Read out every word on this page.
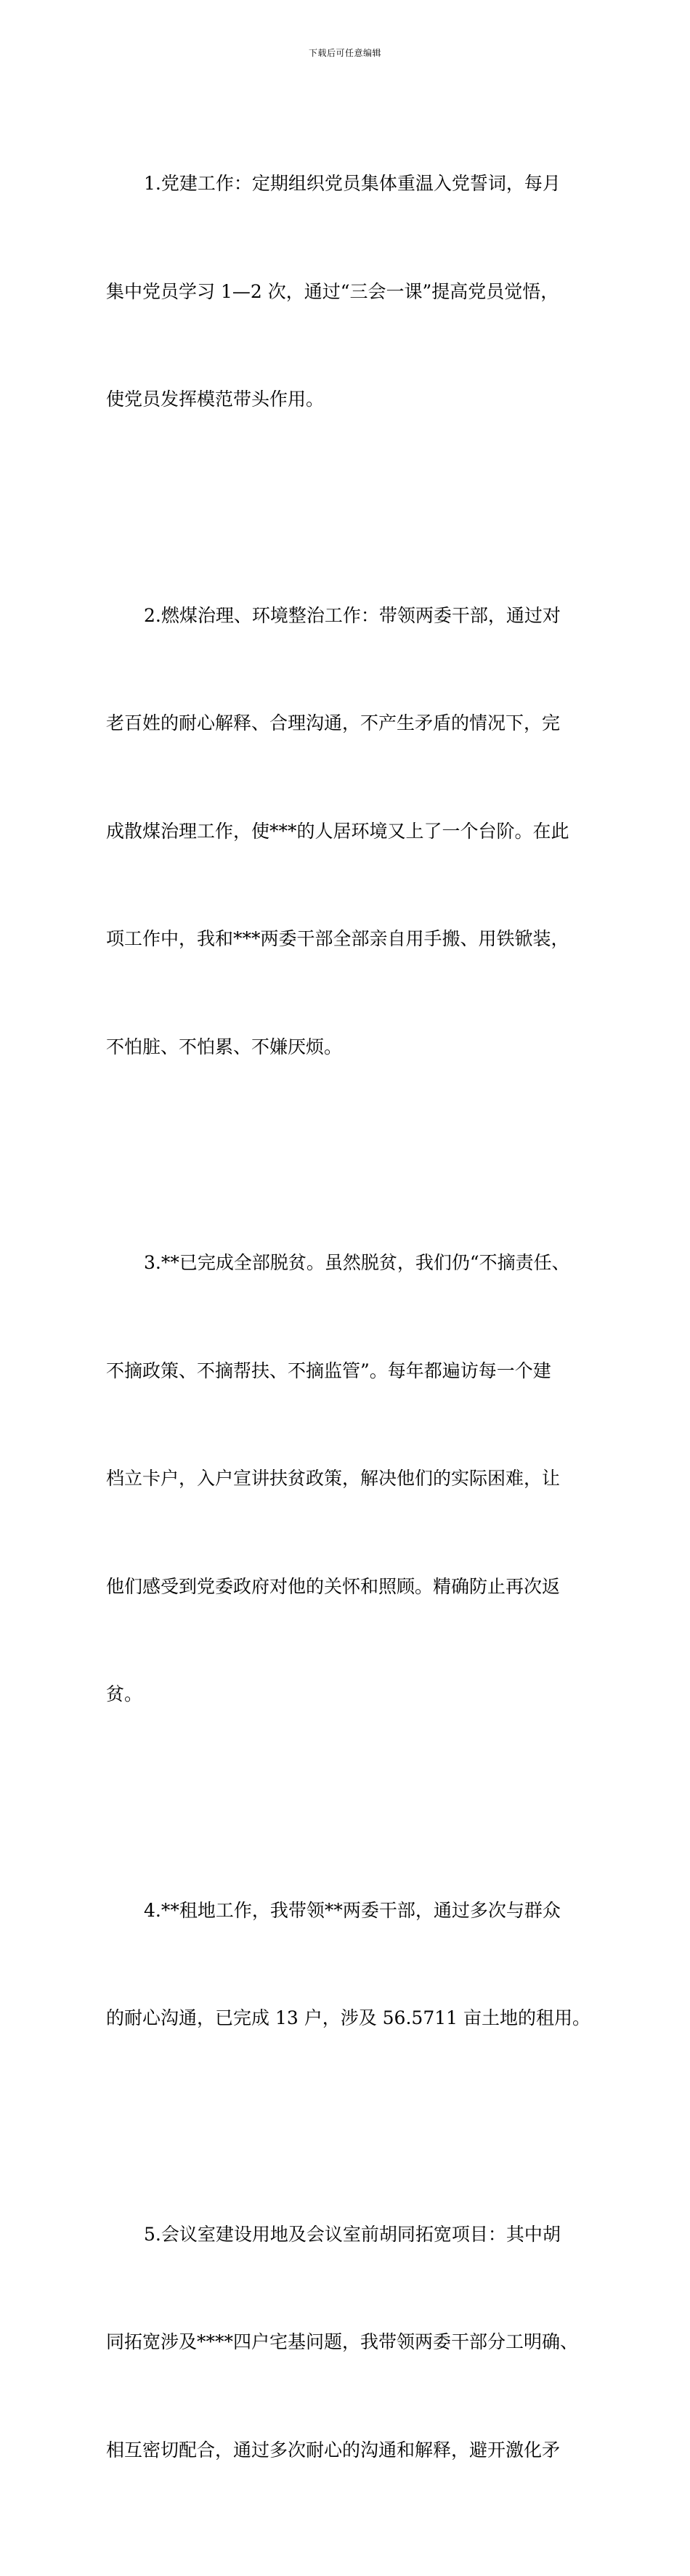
下载后可任意编辑

1.党建工作：定期组织党员集体重温入党誓词，每月

集中党员学习 1—2 次，通过“三会一课”提高党员觉悟，

使党员发挥模范带头作用。

2.燃煤治理、环境整治工作：带领两委干部，通过对

老百姓的耐心解释、合理沟通，不产生矛盾的情况下，完

成散煤治理工作，使***的人居环境又上了一个台阶。在此

项工作中，我和***两委干部全部亲自用手搬、用铁锨装，

不怕脏、不怕累、不嫌厌烦。

3.**已完成全部脱贫。虽然脱贫，我们仍“不摘责任、

不摘政策、不摘帮扶、不摘监管”。每年都遍访每一个建

档立卡户，入户宣讲扶贫政策，解决他们的实际困难，让

他们感受到党委政府对他的关怀和照顾。精确防止再次返

贫。

4.**租地工作，我带领**两委干部，通过多次与群众

的耐心沟通，已完成 13 户，涉及 56.5711 亩土地的租用。

5.会议室建设用地及会议室前胡同拓宽项目：其中胡

同拓宽涉及****四户宅基问题，我带领两委干部分工明确、

相互密切配合，通过多次耐心的沟通和解释，避开激化矛
